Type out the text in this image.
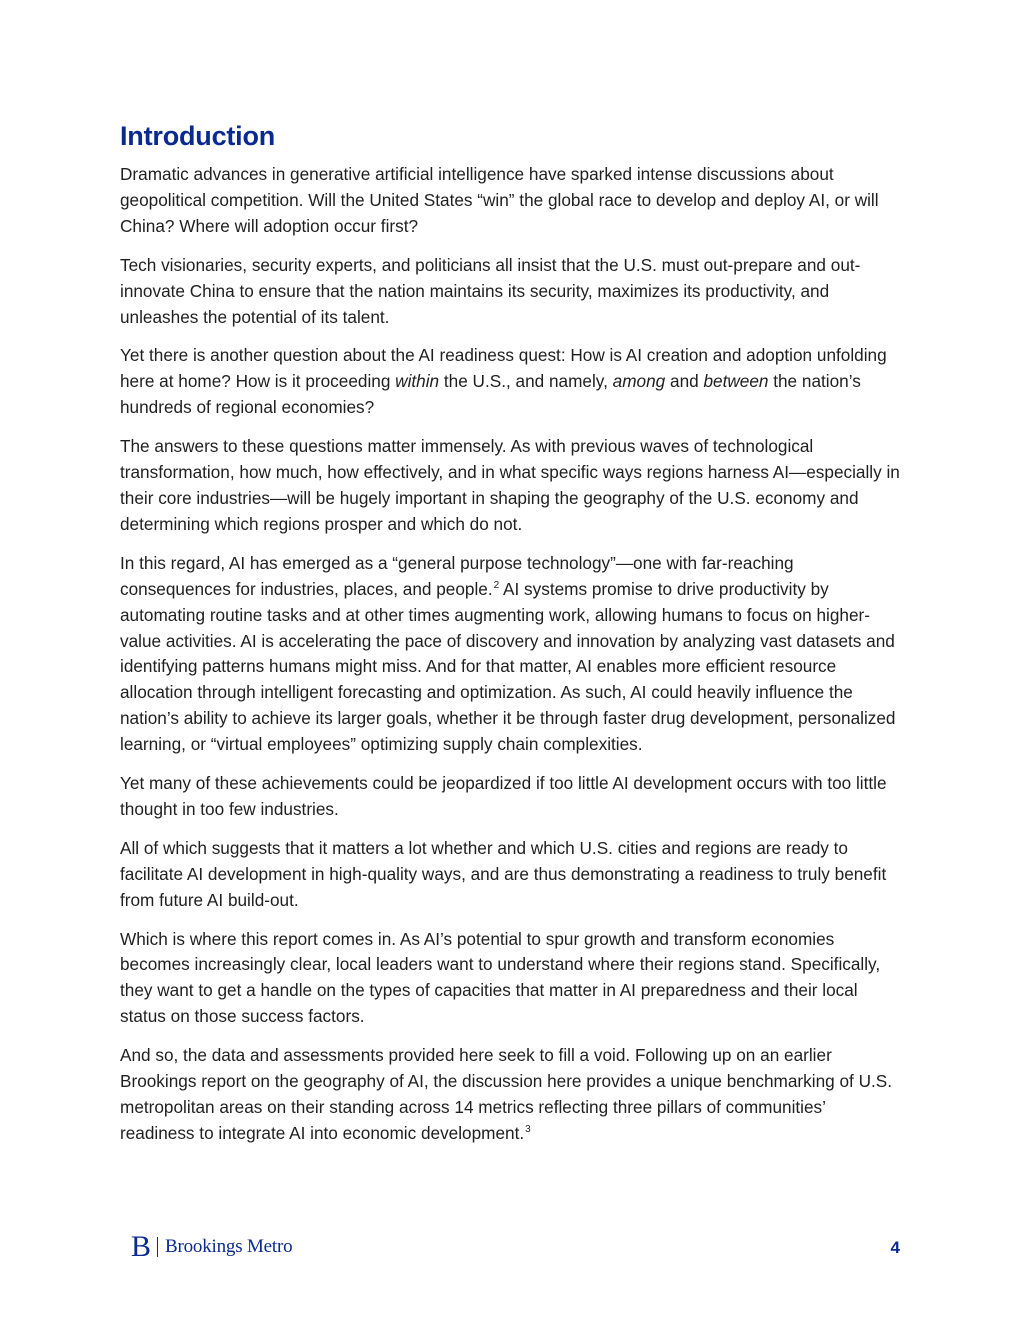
Introduction

Dramatic advances in generative artificial intelligence have sparked intense discussions about geopolitical competition. Will the United States “win” the global race to develop and deploy AI, or will China? Where will adoption occur first?

Tech visionaries, security experts, and politicians all insist that the U.S. must out-prepare and out-innovate China to ensure that the nation maintains its security, maximizes its productivity, and unleashes the potential of its talent.

Yet there is another question about the AI readiness quest: How is AI creation and adoption unfolding here at home? How is it proceeding within the U.S., and namely, among and between the nation’s hundreds of regional economies?

The answers to these questions matter immensely. As with previous waves of technological transformation, how much, how effectively, and in what specific ways regions harness AI—especially in their core industries—will be hugely important in shaping the geography of the U.S. economy and determining which regions prosper and which do not.

In this regard, AI has emerged as a “general purpose technology”—one with far-reaching consequences for industries, places, and people.$^2$ AI systems promise to drive productivity by automating routine tasks and at other times augmenting work, allowing humans to focus on higher-value activities. AI is accelerating the pace of discovery and innovation by analyzing vast datasets and identifying patterns humans might miss. And for that matter, AI enables more efficient resource allocation through intelligent forecasting and optimization. As such, AI could heavily influence the nation’s ability to achieve its larger goals, whether it be through faster drug development, personalized learning, or “virtual employees” optimizing supply chain complexities.

Yet many of these achievements could be jeopardized if too little AI development occurs with too little thought in too few industries.

All of which suggests that it matters a lot whether and which U.S. cities and regions are ready to facilitate AI development in high-quality ways, and are thus demonstrating a readiness to truly benefit from future AI build-out.

Which is where this report comes in. As AI’s potential to spur growth and transform economies becomes increasingly clear, local leaders want to understand where their regions stand. Specifically, they want to get a handle on the types of capacities that matter in AI preparedness and their local status on those success factors.

And so, the data and assessments provided here seek to fill a void. Following up on an earlier Brookings report on the geography of AI, the discussion here provides a unique benchmarking of U.S. metropolitan areas on their standing across 14 metrics reflecting three pillars of communities’ readiness to integrate AI into economic development.$^3$

B Brookings Metro	4
